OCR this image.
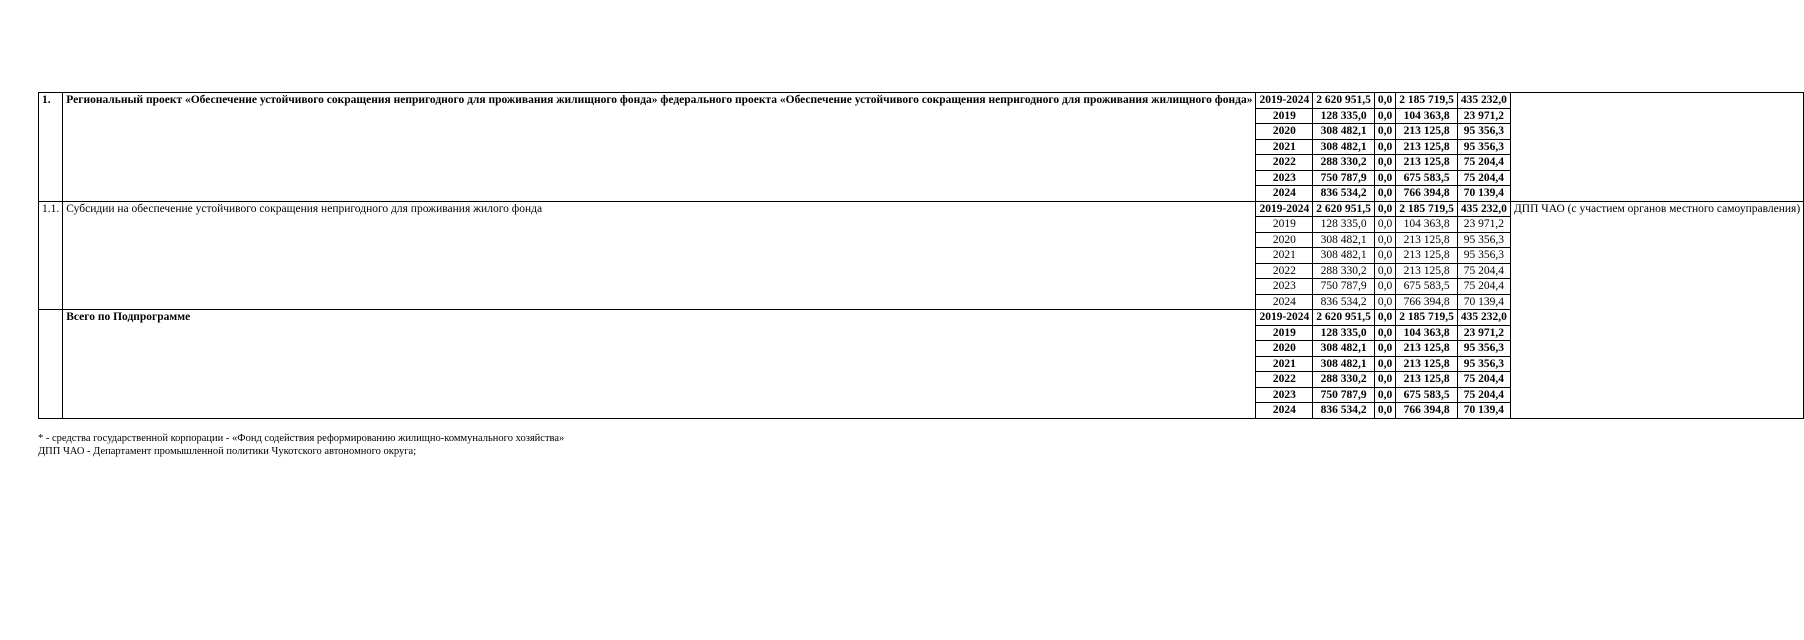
1.	Региональный проект «Обеспечение устойчивого сокращения непригодного для проживания жилищного фонда» федерального проекта «Обеспечение устойчивого сокращения непригодного для проживания жилищного фонда»	2019-2024	2 620 951,5	0,0	2 185 719,5	435 232,0	
		2019	128 335,0	0,0	104 363,8	23 971,2	
		2020	308 482,1	0,0	213 125,8	95 356,3	
		2021	308 482,1	0,0	213 125,8	95 356,3	
		2022	288 330,2	0,0	213 125,8	75 204,4	
		2023	750 787,9	0,0	675 583,5	75 204,4	
		2024	836 534,2	0,0	766 394,8	70 139,4	
1.1.	Субсидии на обеспечение устойчивого сокращения непригодного для проживания жилого фонда	2019-2024	2 620 951,5	0,0	2 185 719,5	435 232,0	ДПП ЧАО (с участием органов местного самоуправления)
		2019	128 335,0	0,0	104 363,8	23 971,2	
		2020	308 482,1	0,0	213 125,8	95 356,3	
		2021	308 482,1	0,0	213 125,8	95 356,3	
		2022	288 330,2	0,0	213 125,8	75 204,4	
		2023	750 787,9	0,0	675 583,5	75 204,4	
		2024	836 534,2	0,0	766 394,8	70 139,4	
	Всего по Подпрограмме	2019-2024	2 620 951,5	0,0	2 185 719,5	435 232,0	
		2019	128 335,0	0,0	104 363,8	23 971,2	
		2020	308 482,1	0,0	213 125,8	95 356,3	
		2021	308 482,1	0,0	213 125,8	95 356,3	
		2022	288 330,2	0,0	213 125,8	75 204,4	
		2023	750 787,9	0,0	675 583,5	75 204,4	
		2024	836 534,2	0,0	766 394,8	70 139,4	
* - средства государственной корпорации - «Фонд содействия реформированию жилищно-коммунального хозяйства»
ДПП ЧАО - Департамент промышленной политики Чукотского автономного округа;
